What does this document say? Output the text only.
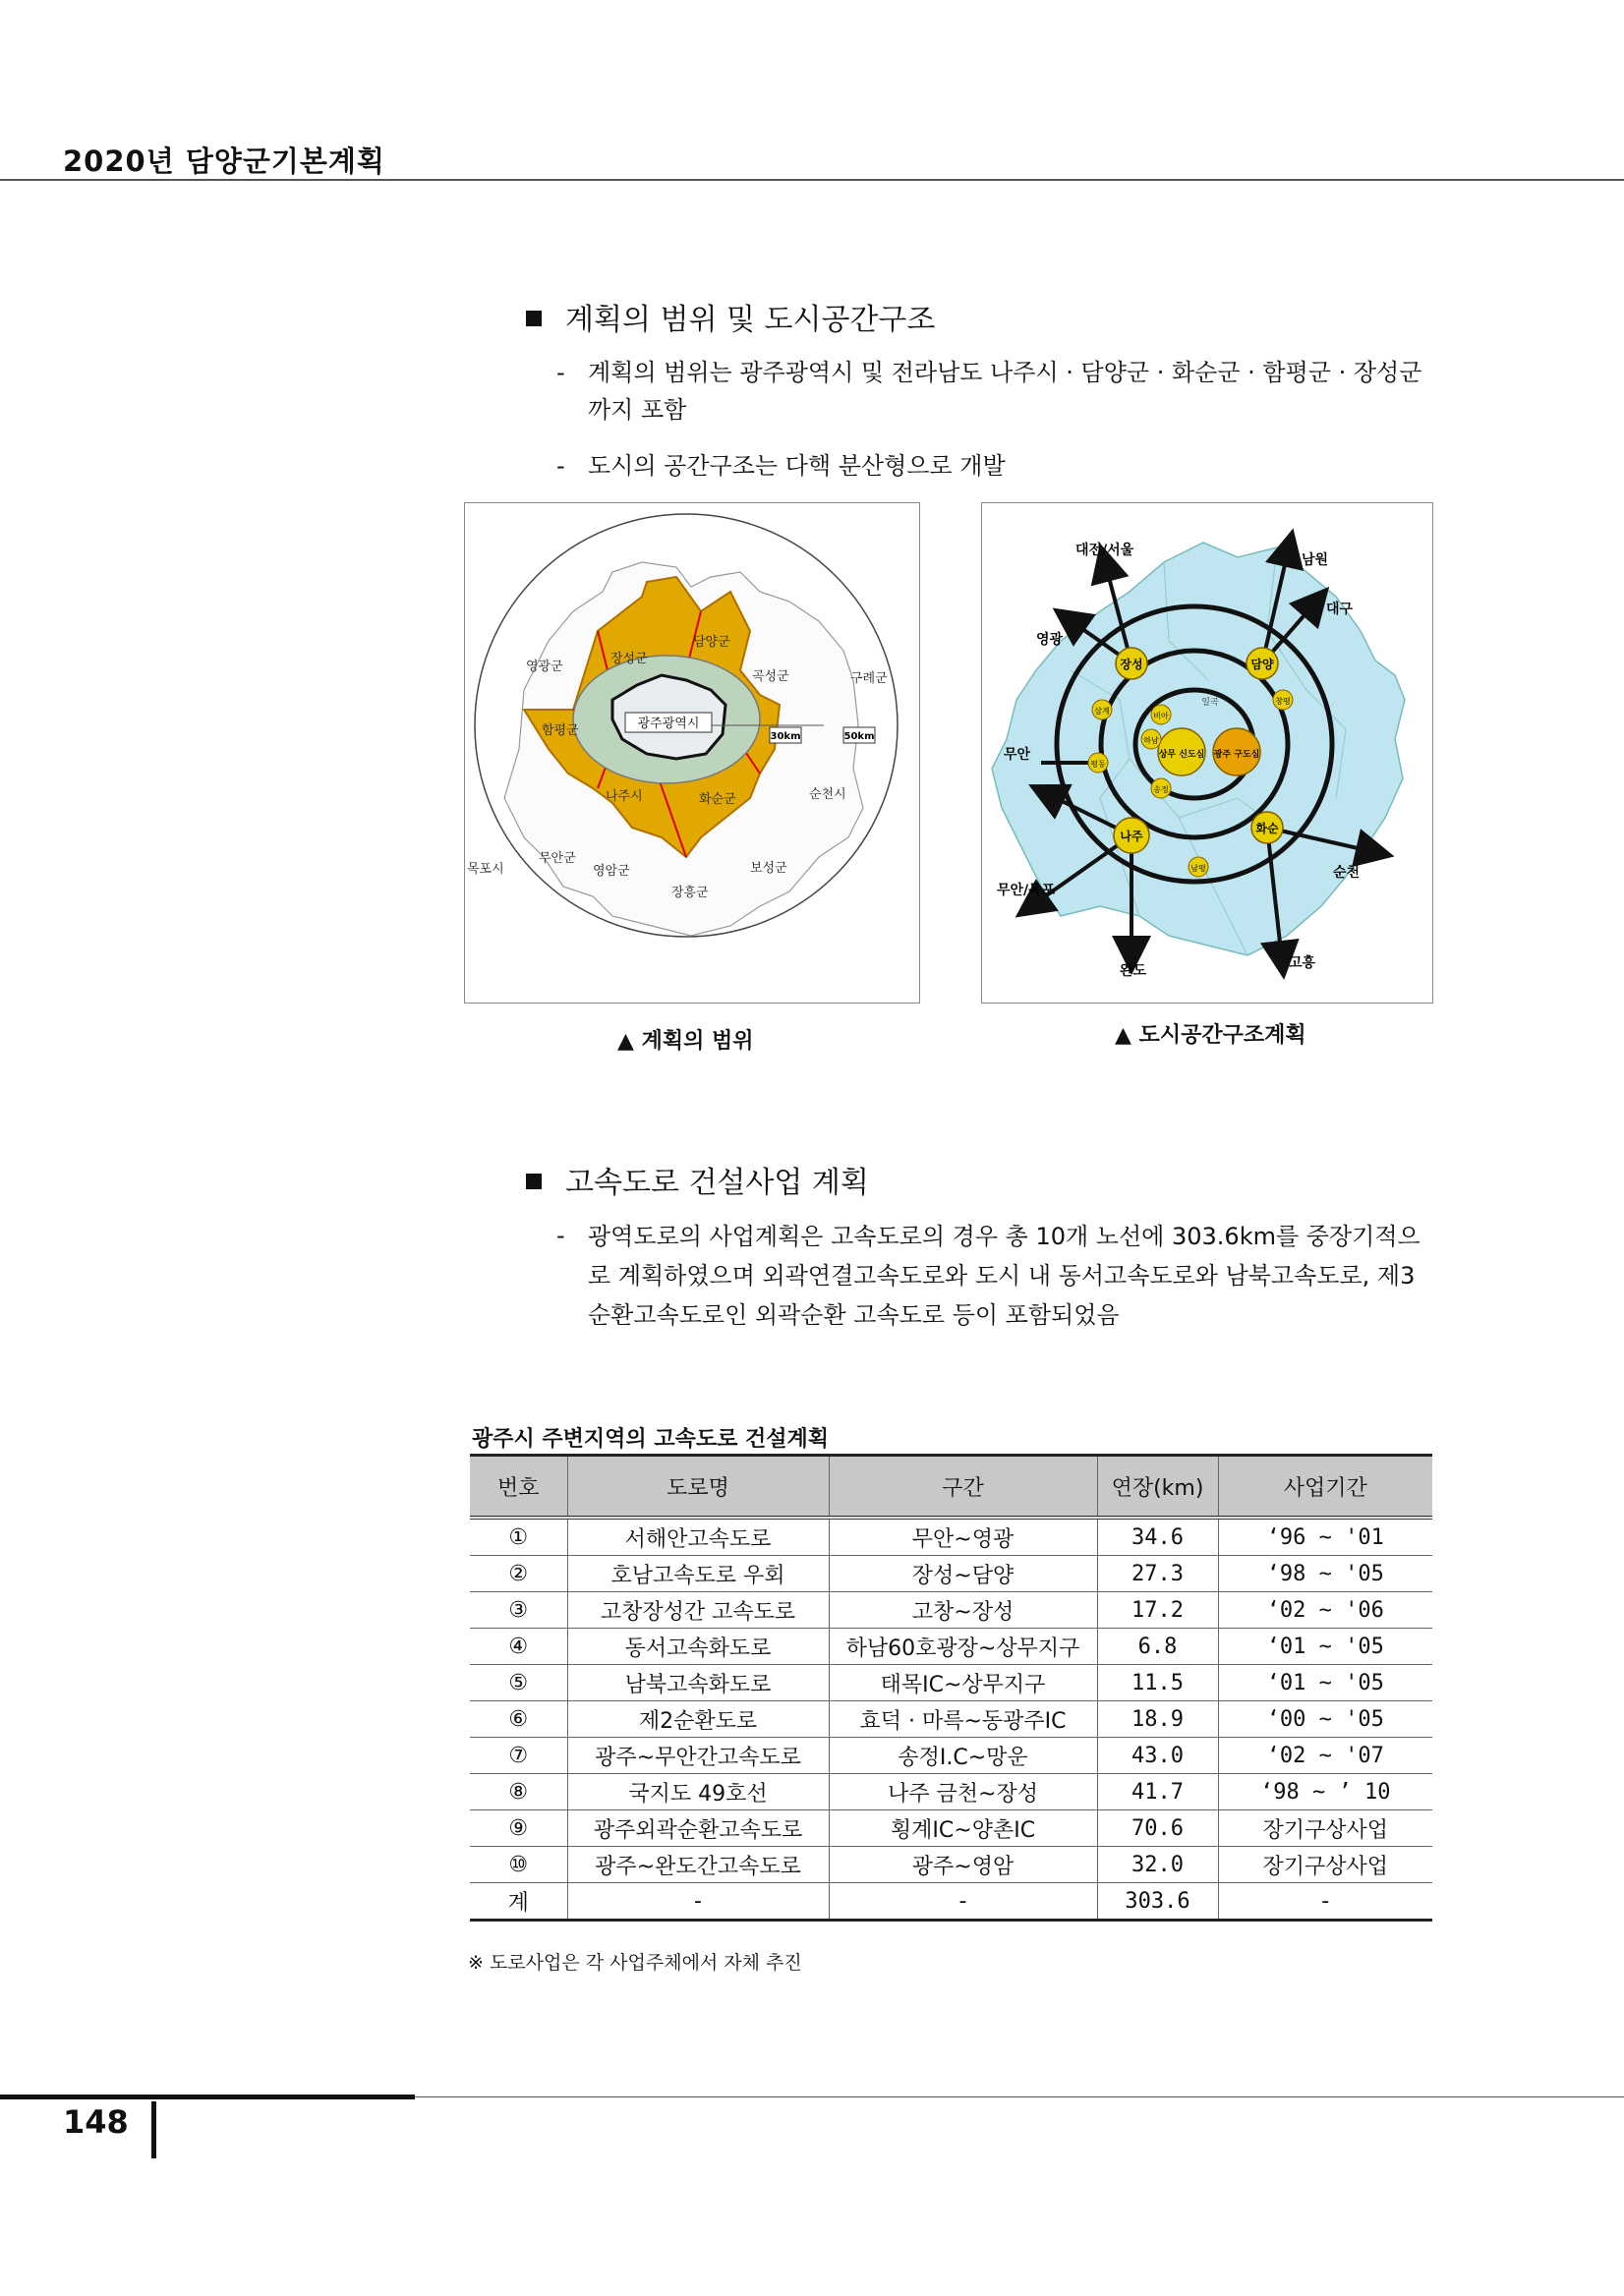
2020년 담양군기본계획
계획의 범위 및 도시공간구조
- 계획의 범위는 광주광역시 및 전라남도 나주시 · 담양군 · 화순군 · 함평군 · 장성군까지 포함
- 도시의 공간구조는 다핵 분산형으로 개발
광주광역시
30km	50km
장성군
담양군
영광군
곡성군	구례군
함평군
나주시	화순군	순천시
무안군
목포시	영암군	보성군
장흥군
장성	담양
나주
화순
상무 신도심 광주 구도심
삼계
평동
비아
하남
송정
남평
창평
일곡
대전/서울
남원
대구
영광
무안
무안/목포
완도	고흥
순천
▲ 계획의 범위	▲ 도시공간구조계획
고속도로 건설사업 계획
- 광역도로의 사업계획은 고속도로의 경우 총 10개 노선에 303.6km를 중장기적으로 계획하였으며 외곽연결고속도로와 도시 내 동서고속도로와 남북고속도로, 제3순환고속도로인 외곽순환 고속도로 등이 포함되었음
광주시 주변지역의 고속도로 건설계획
번호	도로명	구간	연장(km)	사업기간
①	서해안고속도로	무안~영광	34.6	‘96 ~ '01
②	호남고속도로 우회	장성~담양	27.3	‘98 ~ '05
③	고창장성간 고속도로	고창~장성	17.2	‘02 ~ '06
④	동서고속화도로	하남60호광장~상무지구	6.8	‘01 ~ '05
⑤	남북고속화도로	태목IC~상무지구	11.5	‘01 ~ '05
⑥	제2순환도로	효덕 · 마륵~동광주IC	18.9	‘00 ~ '05
⑦	광주~무안간고속도로	송정I.C~망운	43.0	‘02 ~ '07
⑧	국지도 49호선	나주 금천~장성	41.7	‘98 ~ ’ 10
⑨	광주외곽순환고속도로	횡계IC~양촌IC	70.6	장기구상사업
⑩	광주~완도간고속도로	광주~영암	32.0	장기구상사업
계	-	-	303.6	-
※ 도로사업은 각 사업주체에서 자체 추진
148
